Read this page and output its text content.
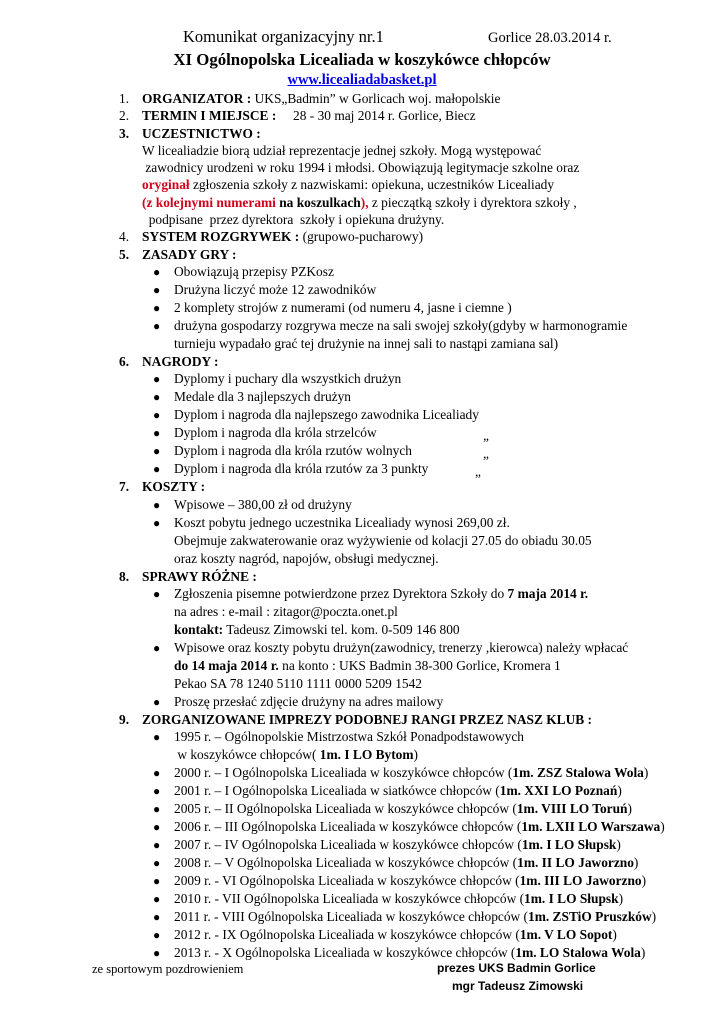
Komunikat organizacyjny nr.1	Gorlice 28.03.2014 r.
XI Ogólnopolska Licealiada w koszykówce chłopców
www.licealiadabasket.pl
1. ORGANIZATOR : UKS„Badmin” w Gorlicach woj. małopolskie
2. TERMIN I MIEJSCE :     28 - 30 maj 2014 r. Gorlice, Biecz
3. UCZESTNICTWO :
W licealiadzie biorą udział reprezentacje jednej szkoły. Mogą występować
zawodnicy urodzeni w roku 1994 i młodsi. Obowiązują legitymacje szkolne oraz
oryginał zgłoszenia szkoły z nazwiskami: opiekuna, uczestników Licealiady
(z kolejnymi numerami na koszulkach), z pieczątką szkoły i dyrektora szkoły ,
podpisane  przez dyrektora  szkoły i opiekuna drużyny.
4. SYSTEM ROZGRYWEK : (grupowo-pucharowy)
5. ZASADY GRY :
● Obowiązują przepisy PZKosz
● Drużyna liczyć może 12 zawodników
● 2 komplety strojów z numerami (od numeru 4, jasne i ciemne )
● drużyna gospodarzy rozgrywa mecze na sali swojej szkoły(gdyby w harmonogramie
turnieju wypadało grać tej drużynie na innej sali to nastąpi zamiana sal)
6. NAGRODY :
● Dyplomy i puchary dla wszystkich drużyn
● Medale dla 3 najlepszych drużyn
● Dyplom i nagroda dla najlepszego zawodnika Licealiady
● Dyplom i nagroda dla króla strzelców	„
● Dyplom i nagroda dla króla rzutów wolnych	„
● Dyplom i nagroda dla króla rzutów za 3 punkty	„
7. KOSZTY :
● Wpisowe – 380,00 zł od drużyny
● Koszt pobytu jednego uczestnika Licealiady wynosi 269,00 zł.
Obejmuje zakwaterowanie oraz wyżywienie od kolacji 27.05 do obiadu 30.05
oraz koszty nagród, napojów, obsługi medycznej.
8. SPRAWY RÓŻNE :
● Zgłoszenia pisemne potwierdzone przez Dyrektora Szkoły do 7 maja 2014 r.
na adres : e-mail : zitagor@poczta.onet.pl
kontakt: Tadeusz Zimowski tel. kom. 0-509 146 800
● Wpisowe oraz koszty pobytu drużyn(zawodnicy, trenerzy ,kierowca) należy wpłacać
do 14 maja 2014 r. na konto : UKS Badmin 38-300 Gorlice, Kromera 1
Pekao SA 78 1240 5110 1111 0000 5209 1542
● Proszę przesłać zdjęcie drużyny na adres mailowy
9. ZORGANIZOWANE IMPREZY PODOBNEJ RANGI PRZEZ NASZ KLUB :
● 1995 r. – Ogólnopolskie Mistrzostwa Szkół Ponadpodstawowych
w koszykówce chłopców( 1m. I LO Bytom)
● 2000 r. – I Ogólnopolska Licealiada w koszykówce chłopców (1m. ZSZ Stalowa Wola)
● 2001 r. – I Ogólnopolska Licealiada w siatkówce chłopców (1m. XXI LO Poznań)
● 2005 r. – II Ogólnopolska Licealiada w koszykówce chłopców (1m. VIII LO Toruń)
● 2006 r. – III Ogólnopolska Licealiada w koszykówce chłopców (1m. LXII LO Warszawa)
● 2007 r. – IV Ogólnopolska Licealiada w koszykówce chłopców (1m. I LO Słupsk)
● 2008 r. – V Ogólnopolska Licealiada w koszykówce chłopców (1m. II LO Jaworzno)
● 2009 r. - VI Ogólnopolska Licealiada w koszykówce chłopców (1m. III LO Jaworzno)
● 2010 r. - VII Ogólnopolska Licealiada w koszykówce chłopców (1m. I LO Słupsk)
● 2011 r. - VIII Ogólnopolska Licealiada w koszykówce chłopców (1m. ZSTiO Pruszków)
● 2012 r. - IX Ogólnopolska Licealiada w koszykówce chłopców (1m. V LO Sopot)
● 2013 r. - X Ogólnopolska Licealiada w koszykówce chłopców (1m. LO Stalowa Wola)
ze sportowym pozdrowieniem	prezes UKS Badmin Gorlice
mgr Tadeusz Zimowski
